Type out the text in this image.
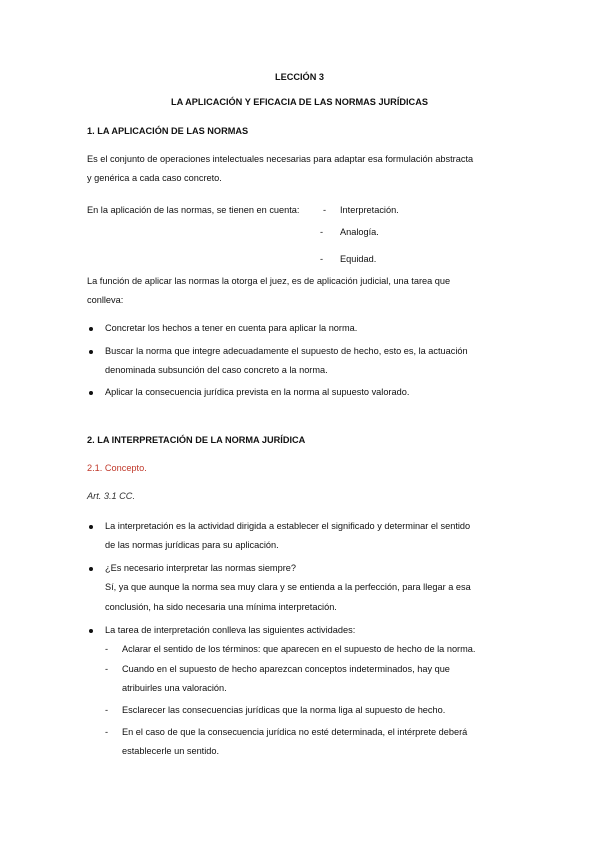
LECCIÓN 3
LA APLICACIÓN Y EFICACIA DE LAS NORMAS JURÍDICAS
1. LA APLICACIÓN DE LAS NORMAS
Es el conjunto de operaciones intelectuales necesarias para adaptar esa formulación abstracta
y genérica a cada caso concreto.
En la aplicación de las normas, se tienen en cuenta:	- Interpretación.
- Analogía.
- Equidad.
La función de aplicar las normas la otorga el juez, es de aplicación judicial, una tarea que
conlleva:
Concretar los hechos a tener en cuenta para aplicar la norma.
Buscar la norma que integre adecuadamente el supuesto de hecho, esto es, la actuación
denominada subsunción del caso concreto a la norma.
Aplicar la consecuencia jurídica prevista en la norma al supuesto valorado.
2. LA INTERPRETACIÓN DE LA NORMA JURÍDICA
2.1. Concepto.
Art. 3.1 CC.
La interpretación es la actividad dirigida a establecer el significado y determinar el sentido
de las normas jurídicas para su aplicación.
¿Es necesario interpretar las normas siempre?
Sí, ya que aunque la norma sea muy clara y se entienda a la perfección, para llegar a esa
conclusión, ha sido necesaria una mínima interpretación.
La tarea de interpretación conlleva las siguientes actividades:
- Aclarar el sentido de los términos: que aparecen en el supuesto de hecho de la norma.
- Cuando en el supuesto de hecho aparezcan conceptos indeterminados, hay que
atribuirles una valoración.
- Esclarecer las consecuencias jurídicas que la norma liga al supuesto de hecho.
- En el caso de que la consecuencia jurídica no esté determinada, el intérprete deberá
establecerle un sentido.
